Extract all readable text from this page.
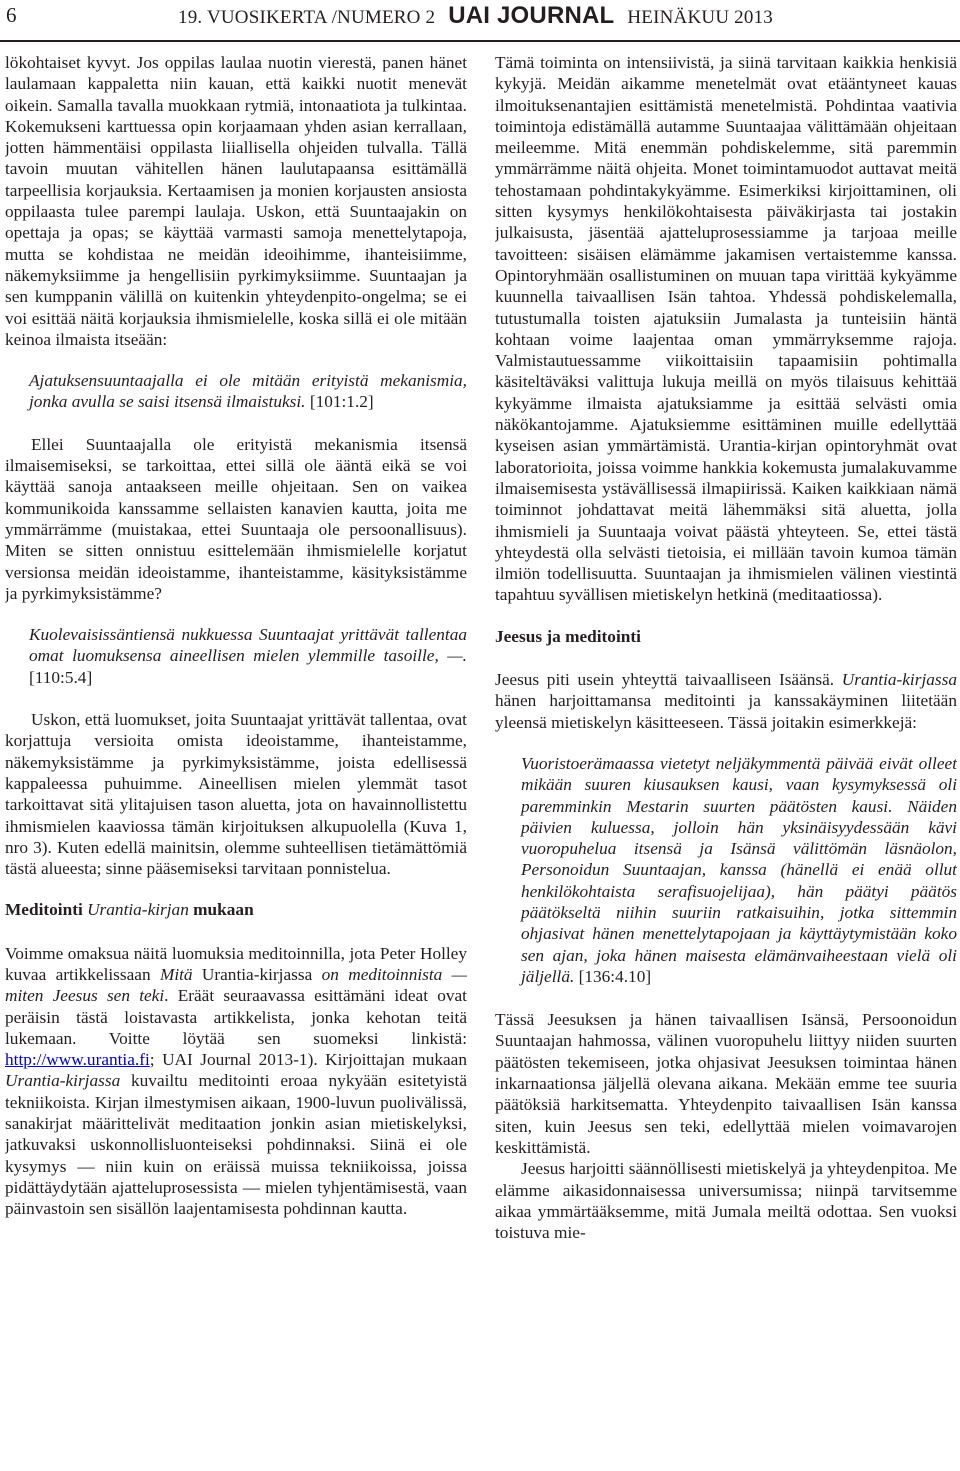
6	19. VUOSIKERTA /NUMERO 2 UAI JOURNAL HEINÄKUU 2013

lökohtaiset kyvyt. Jos oppilas laulaa nuotin vierestä, panen hänet laulamaan kappaletta niin kauan, että kaikki nuotit menevät oikein. Samalla tavalla muokkaan rytmiä, intonaatiota ja tulkintaa. Kokemukseni karttuessa opin korjaamaan yhden asian kerrallaan, jotten hämmentäisi oppilasta liiallisella ohjeiden tulvalla. Tällä tavoin muutan vähitellen hänen laulutapaansa esittämällä tarpeellisia korjauksia. Kertaamisen ja monien korjausten ansiosta oppilaasta tulee parempi laulaja. Uskon, että Suuntaajakin on opettaja ja opas; se käyttää varmasti samoja menettelytapoja, mutta se kohdistaa ne meidän ideoihimme, ihanteisiimme, näkemyksiimme ja hengellisiin pyrkimyksiimme. Suuntaajan ja sen kumppanin välillä on kuitenkin yhteydenpito-ongelma; se ei voi esittää näitä korjauksia ihmismielelle, koska sillä ei ole mitään keinoa ilmaista itseään:

Ajatuksensuuntaajalla ei ole mitään erityistä mekanismia, jonka avulla se saisi itsensä ilmaistuksi. [101:1.2]

Ellei Suuntaajalla ole erityistä mekanismia itsensä ilmaisemiseksi, se tarkoittaa, ettei sillä ole ääntä eikä se voi käyttää sanoja antaakseen meille ohjeitaan. Sen on vaikea kommunikoida kanssamme sellaisten kanavien kautta, joita me ymmärrämme (muistakaa, ettei Suuntaaja ole persoonallisuus). Miten se sitten onnistuu esittelemään ihmismielelle korjatut versionsa meidän ideoistamme, ihanteistamme, käsityksistämme ja pyrkimyksistämme?

Kuolevaisissäntiensä nukkuessa Suuntaajat yrittävät tallentaa omat luomuksensa aineellisen mielen ylemmille tasoille, —. [110:5.4]

Uskon, että luomukset, joita Suuntaajat yrittävät tallentaa, ovat korjattuja versioita omista ideoistamme, ihanteistamme, näkemyksistämme ja pyrkimyksistämme, joista edellisessä kappaleessa puhuimme. Aineellisen mielen ylemmät tasot tarkoittavat sitä ylitajuisen tason aluetta, jota on havainnollistettu ihmismielen kaaviossa tämän kirjoituksen alkupuolella (Kuva 1, nro 3). Kuten edellä mainitsin, olemme suhteellisen tietämättömiä tästä alueesta; sinne pääsemiseksi tarvitaan ponnistelua.

Meditointi Urantia-kirjan mukaan

Voimme omaksua näitä luomuksia meditoinnilla, jota Peter Holley kuvaa artikkelissaan Mitä Urantia-kirjassa on meditoinnista — miten Jeesus sen teki. Eräät seuraavassa esittämäni ideat ovat peräisin tästä loistavasta artikkelista, jonka kehotan teitä lukemaan. Voitte löytää sen suomeksi linkistä: http://www.urantia.fi; UAI Journal 2013-1). Kirjoittajan mukaan Urantia-kirjassa kuvailtu meditointi eroaa nykyään esitetyistä tekniikoista. Kirjan ilmestymisen aikaan, 1900-luvun puolivälissä, sanakirjat määrittelivät meditaation jonkin asian mietiskelyksi, jatkuvaksi uskonnollisluonteiseksi pohdinnaksi. Siinä ei ole kysymys — niin kuin on eräissä muissa tekniikoissa, joissa pidättäydytään ajatteluprosessista — mielen tyhjentämisestä, vaan päinvastoin sen sisällön laajentamisesta pohdinnan kautta.

Tämä toiminta on intensiivistä, ja siinä tarvitaan kaikkia henkisiä kykyjä. Meidän aikamme menetelmät ovat etääntyneet kauas ilmoituksenantajien esittämistä menetelmistä. Pohdintaa vaativia toimintoja edistämällä autamme Suuntaajaa välittämään ohjeitaan meileemme. Mitä enemmän pohdiskelemme, sitä paremmin ymmärrämme näitä ohjeita. Monet toimintamuodot auttavat meitä tehostamaan pohdintakykyämme. Esimerkiksi kirjoittaminen, oli sitten kysymys henkilökohtaisesta päiväkirjasta tai jostakin julkaisusta, jäsentää ajatteluprosessiamme ja tarjoaa meille tavoitteen: sisäisen elämämme jakamisen vertaistemme kanssa. Opintoryhmään osallistuminen on muuan tapa virittää kykyämme kuunnella taivaallisen Isän tahtoa. Yhdessä pohdiskelemalla, tutustumalla toisten ajatuksiin Jumalasta ja tunteisiin häntä kohtaan voime laajentaa oman ymmärryksemme rajoja. Valmistautuessamme viikoittaisiin tapaamisiin pohtimalla käsiteltäväksi valittuja lukuja meillä on myös tilaisuus kehittää kykyämme ilmaista ajatuksiamme ja esittää selvästi omia näkökantojamme. Ajatuksiemme esittäminen muille edellyttää kyseisen asian ymmärtämistä. Urantia-kirjan opintoryhmät ovat laboratorioita, joissa voimme hankkia kokemusta jumalakuvamme ilmaisemisesta ystävällisessä ilmapiirissä. Kaiken kaikkiaan nämä toiminnot johdattavat meitä lähemmäksi sitä aluetta, jolla ihmismieli ja Suuntaaja voivat päästä yhteyteen. Se, ettei tästä yhteydestä olla selvästi tietoisia, ei millään tavoin kumoa tämän ilmiön todellisuutta. Suuntaajan ja ihmismielen välinen viestintä tapahtuu syvällisen mietiskelyn hetkinä (meditaatiossa).

Jeesus ja meditointi

Jeesus piti usein yhteyttä taivaalliseen Isäänsä. Urantia-kirjassa hänen harjoittamansa meditointi ja kanssakäyminen liitetään yleensä mietiskelyn käsitteeseen. Tässä joitakin esimerkkejä:

Vuoristoerämaassa vietetyt neljäkymmentä päivää eivät olleet mikään suuren kiusauksen kausi, vaan kysymyksessä oli paremminkin Mestarin suurten päätösten kausi. Näiden päivien kuluessa, jolloin hän yksinäisyydessään kävi vuoropuhelua itsensä ja Isänsä välittömän läsnäolon, Personoidun Suuntaajan, kanssa (hänellä ei enää ollut henkilökohtaista serafisuojelijaa), hän päätyi päätös päätökseltä niihin suuriin ratkaisuihin, jotka sittemmin ohjasivat hänen menettelytapojaan ja käyttäytymistään koko sen ajan, joka hänen maisesta elämänvaiheestaan vielä oli jäljellä. [136:4.10]

Tässä Jeesuksen ja hänen taivaallisen Isänsä, Persoonoidun Suuntaajan hahmossa, välinen vuoropuhelu liittyy niiden suurten päätösten tekemiseen, jotka ohjasivat Jeesuksen toimintaa hänen inkarnaationsa jäljellä olevana aikana. Mekään emme tee suuria päätöksiä harkitsematta. Yhteydenpito taivaallisen Isän kanssa siten, kuin Jeesus sen teki, edellyttää mielen voimavarojen keskittämistä.

Jeesus harjoitti säännöllisesti mietiskelyä ja yhteydenpitoa. Me elämme aikasidonnaisessa universumissa; niinpä tarvitsemme aikaa ymmärtääksemme, mitä Jumala meiltä odottaa. Sen vuoksi toistuva mie-
